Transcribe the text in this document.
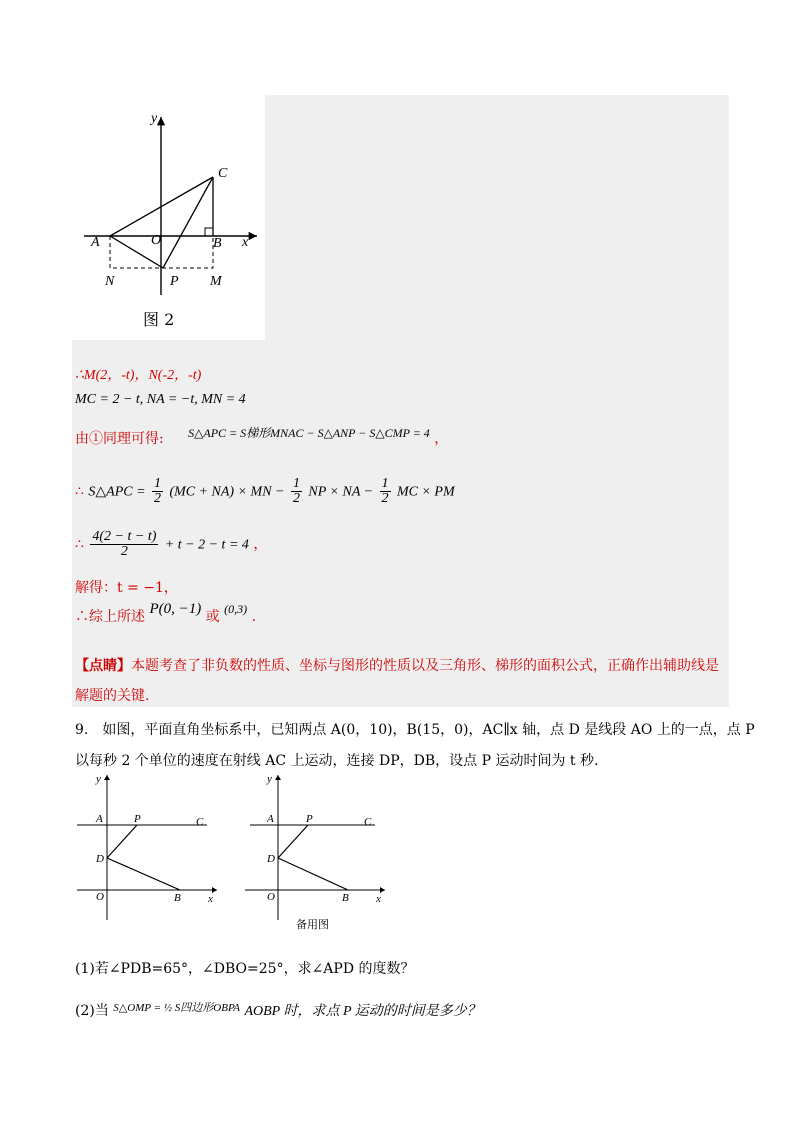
y
x
C
A	O	B
N	P M
图 2
∴M(2，-t)，N(-2，-t)
MC = 2 − t, NA = −t, MN = 4
由①同理可得: S△APC = S梯形MNAC − S△ANP − S△CMP = 4 ，
∴ S△APC = $\frac{1}{2} (MC + NA)$ × MN − $\frac{1}{2}$ NP × NA − $\frac{1}{2}$ MC × PM
∴ $\frac{4(2 - t - t)}{2} + t - 2 - t = 4$ ，
解得：t = −1，
∴综上所述 P(0, −1) 或 (0,3) .
【点睛】本题考查了非负数的性质、坐标与图形的性质以及三角形、梯形的面积公式，正确作出辅助线是
解题的关键.
9.　如图，平面直角坐标系中，已知两点 A(0，10)，B(15，0)，AC∥x 轴，点 D 是线段 AO 上的一点，点 P
以每秒 2 个单位的速度在射线 AC 上运动，连接 DP，DB，设点 P 运动时间为 t 秒.
y
A	P	C
D
O	B x
y
A	P	C
D
O	B x
备用图
(1)若∠PDB=65°，∠DBO=25°，求∠APD 的度数？
(2)当 $^{S\triangle OMP = \frac{1}{2} S四边形OBPA}$ AOBP 时，求点 P 运动的时间是多少？
